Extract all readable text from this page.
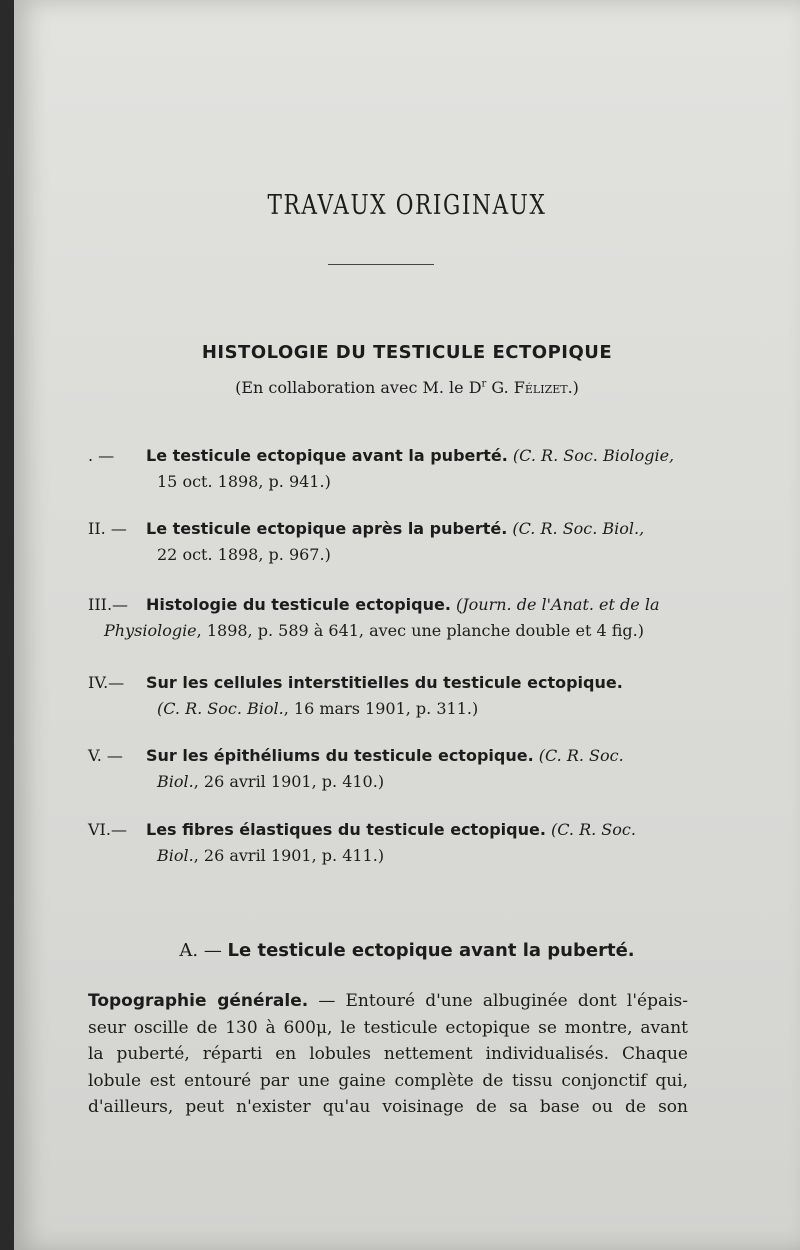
TRAVAUX ORIGINAUX
HISTOLOGIE DU TESTICULE ECTOPIQUE
(En collaboration avec M. le $D^r$ G. Félizet.)
. — Le testicule ectopique avant la puberté. (C. R. Soc. Biologie,
15 oct. 1898, p. 941.)
II. — Le testicule ectopique après la puberté. (C. R. Soc. Biol.,
22 oct. 1898, p. 967.)
III.— Histologie du testicule ectopique. (Journ. de l'Anat. et de la
Physiologie, 1898, p. 589 à 641, avec une planche double et 4 fig.)
IV.— Sur les cellules interstitielles du testicule ectopique.
(C. R. Soc. Biol., 16 mars 1901, p. 311.)
V. — Sur les épithéliums du testicule ectopique. (C. R. Soc.
Biol., 26 avril 1901, p. 410.)
VI.— Les fibres élastiques du testicule ectopique. (C. R. Soc.
Biol., 26 avril 1901, p. 411.)
A. — Le testicule ectopique avant la puberté.
Topographie générale. — Entouré d'une albuginée dont l'épais-
seur oscille de 130 à 600μ, le testicule ectopique se montre, avant
la puberté, réparti en lobules nettement individualisés. Chaque
lobule est entouré par une gaine complète de tissu conjonctif qui,
d'ailleurs, peut n'exister qu'au voisinage de sa base ou de son
